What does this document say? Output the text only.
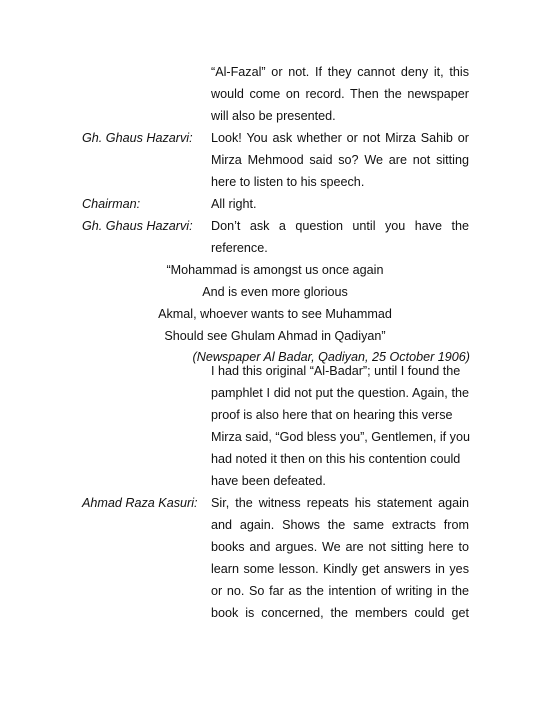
“Al-Fazal” or not. If they cannot deny it, this
would come on record. Then the newspaper
will also be presented.
Gh. Ghaus Hazarvi: Look! You ask whether or not Mirza Sahib or
Mirza Mehmood said so? We are not sitting
here to listen to his speech.
Chairman:	All right.
Gh. Ghaus Hazarvi: Don’t ask a question until you have the
reference.
“Mohammad is amongst us once again
And is even more glorious
Akmal, whoever wants to see Muhammad
Should see Ghulam Ahmad in Qadiyan”
(Newspaper Al Badar, Qadiyan, 25 October 1906)
I had this original “Al-Badar”; until I found the
pamphlet I did not put the question. Again, the
proof is also here that on hearing this verse
Mirza said, “God bless you”, Gentlemen, if you
had noted it then on this his contention could
have been defeated.
Ahmad Raza Kasuri: Sir, the witness repeats his statement again
and again. Shows the same extracts from
books and argues. We are not sitting here to
learn some lesson. Kindly get answers in yes
or no. So far as the intention of writing in the
book is concerned, the members could get
